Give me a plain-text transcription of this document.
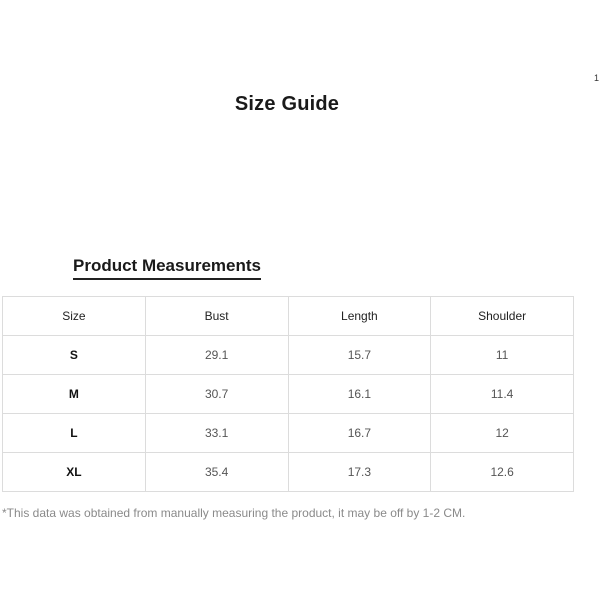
Size Guide
1
Product Measurements
Size	Bust	Length	Shoulder
S	29.1	15.7	11
M	30.7	16.1	11.4
L	33.1	16.7	12
XL	35.4	17.3	12.6
*This data was obtained from manually measuring the product, it may be off by 1-2 CM.
